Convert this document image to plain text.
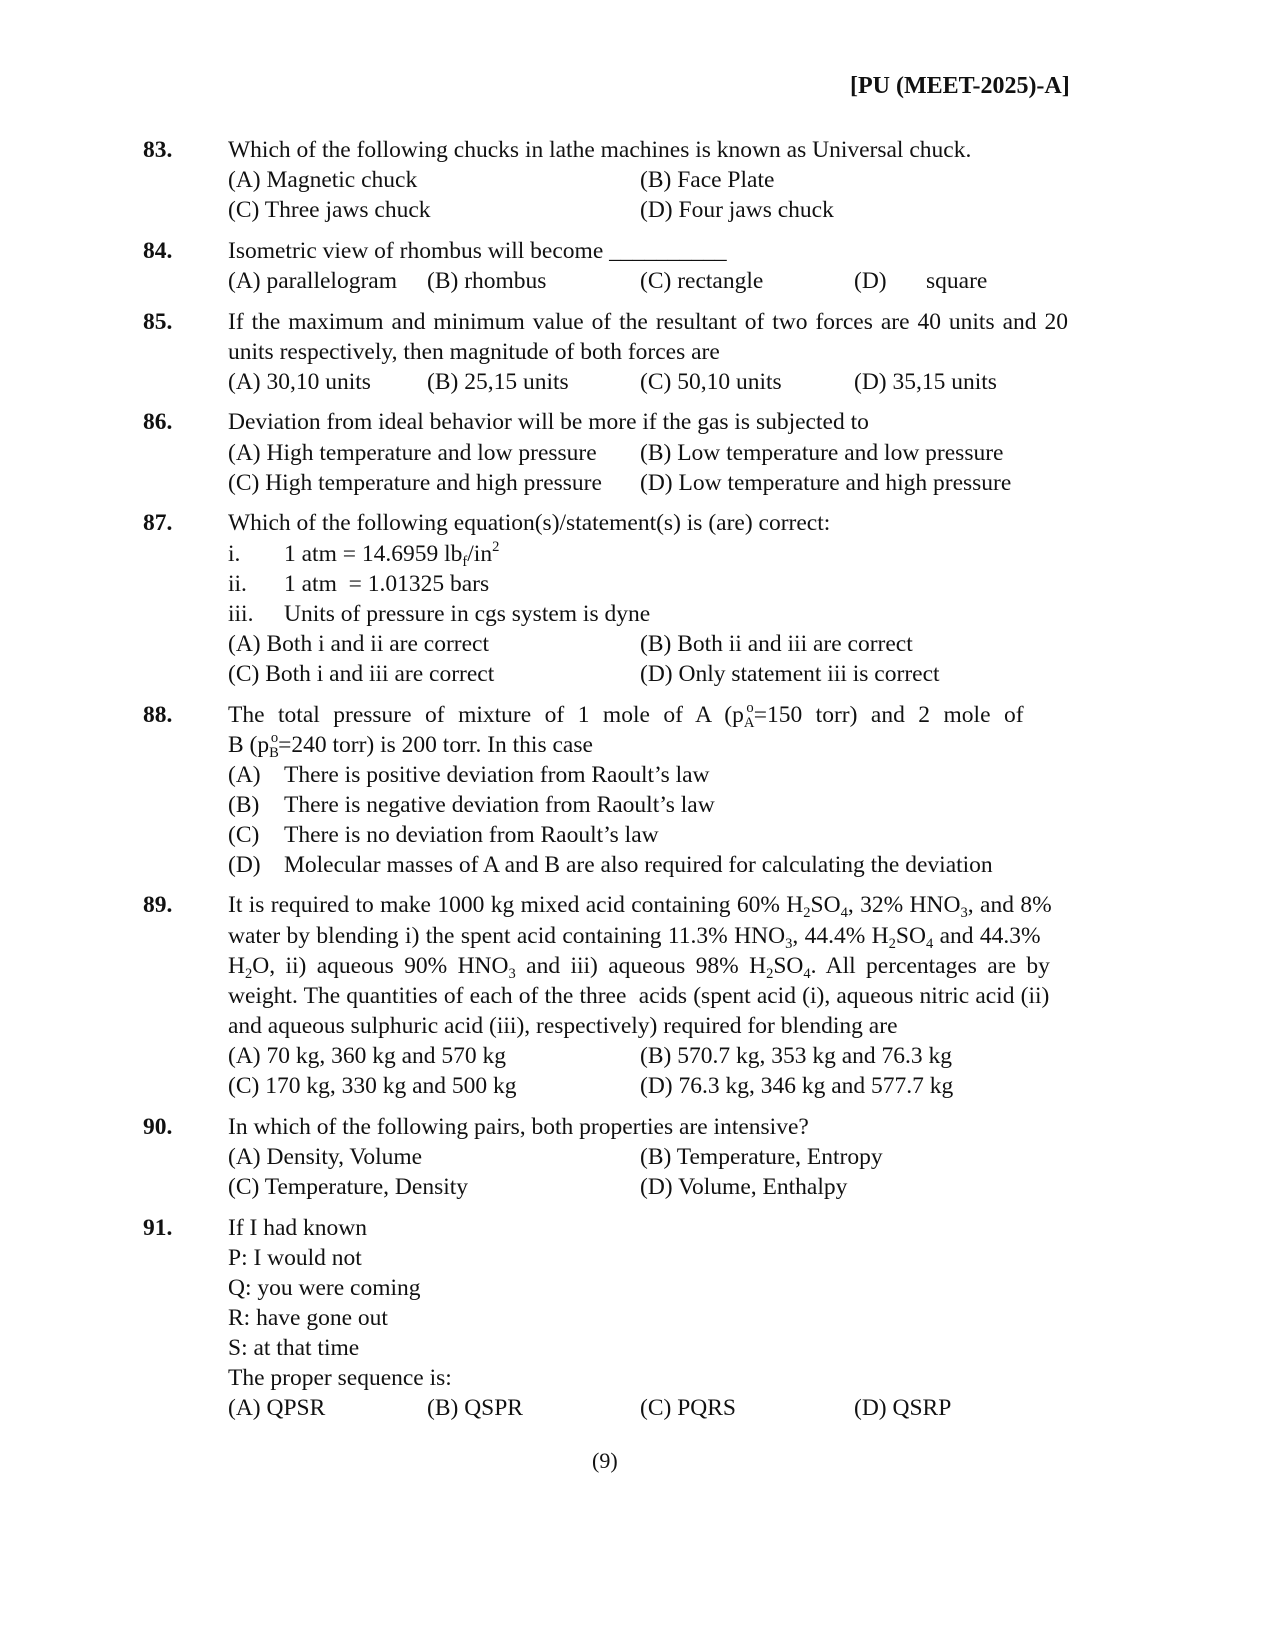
[PU (MEET-2025)-A]
83. Which of the following chucks in lathe machines is known as Universal chuck.
(A) Magnetic chuck	(B) Face Plate
(C) Three jaws chuck	(D) Four jaws chuck
84. Isometric view of rhombus will become __________
(A) parallelogram (B) rhombus	(C) rectangle	(D) square
85. If the maximum and minimum value of the resultant of two forces are 40 units and 20
units respectively, then magnitude of both forces are
(A) 30,10 units (B) 25,15 units	(C) 50,10 units	(D) 35,15 units
86. Deviation from ideal behavior will be more if the gas is subjected to
(A) High temperature and low pressure (B) Low temperature and low pressure
(C) High temperature and high pressure (D) Low temperature and high pressure
87. Which of the following equation(s)/statement(s) is (are) correct:
i. 1 atm = 14.6959 $lb_f/in^2$
ii. 1 atm  = 1.01325 bars
iii. Units of pressure in cgs system is dyne
(A) Both i and ii are correct	(B) Both ii and iii are correct
(C) Both i and iii are correct	(D) Only statement iii is correct
88. The total pressure of mixture of 1 mole of A ($p_A^o=150$ torr) and 2 mole of
B ($p_B^o=240$ torr) is 200 torr. In this case
(A) There is positive deviation from Raoult’s law
(B) There is negative deviation from Raoult’s law
(C) There is no deviation from Raoult’s law
(D) Molecular masses of A and B are also required for calculating the deviation
89. It is required to make 1000 kg mixed acid containing 60% $H_2SO_4$, 32% $HNO_3$, and 8%
water by blending i) the spent acid containing 11.3% $HNO_3$, 44.4% $H_2SO_4$ and 44.3%
$H_2O$, ii) aqueous 90% $HNO_3$ and iii) aqueous 98% $H_2SO_4$. All percentages are by
weight. The quantities of each of the three  acids (spent acid (i), aqueous nitric acid (ii)
and aqueous sulphuric acid (iii), respectively) required for blending are
(A) 70 kg, 360 kg and 570 kg	(B) 570.7 kg, 353 kg and 76.3 kg
(C) 170 kg, 330 kg and 500 kg	(D) 76.3 kg, 346 kg and 577.7 kg
90. In which of the following pairs, both properties are intensive?
(A) Density, Volume	(B) Temperature, Entropy
(C) Temperature, Density	(D) Volume, Enthalpy
91. If I had known
P: I would not
Q: you were coming
R: have gone out
S: at that time
The proper sequence is:
(A) QPSR	(B) QSPR	(C) PQRS	(D) QSRP
(9)
